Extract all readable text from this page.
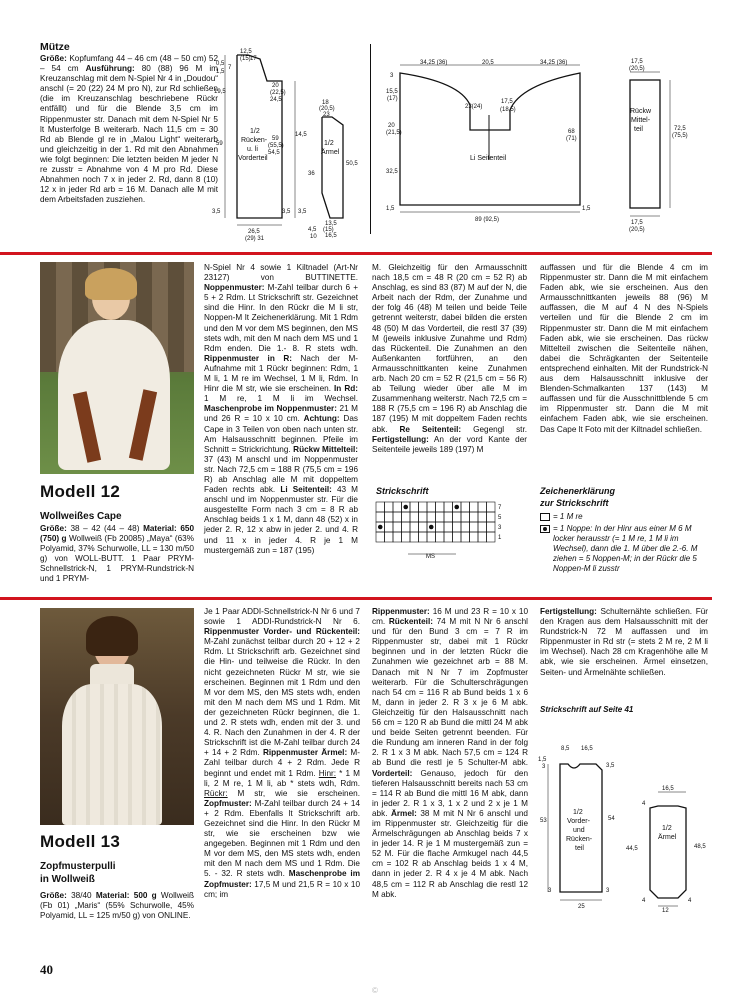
Mütze
Größe: Kopfumfang 44 – 46 cm (48 – 50 cm) 52 – 54 cm Ausführung: 80 (88) 96 M im Kreuzanschlag mit dem N-Spiel Nr 4 in „Doudou“ anschl (= 20 (22) 24 M pro N), zur Rd schließen (die im Kreuzanschlag beschriebene Rückr entfällt) und für die Blende 3,5 cm im Rippenmuster str. Danach mit dem N-Spiel Nr 5 lt Musterfolge B weiterarb. Nach 11,5 cm = 30 Rd ab Blende gl re in „Malou Light“ weiterarb und gleichzeitig in der 1. Rd mit den Abnahmen wie folgt beginnen: Die letzten beiden M jeder N re zusstr = Abnahme von 4 M pro Rd. Diese Abnahmen noch 7 x in jeder 2. Rd, dann 8 (10) 12 x in jeder Rd arb = 16 M. Danach alle M mit dem Arbeitsfaden zusziehen.
12,5
(15) 17
0,5
1,5
7
19,5
59
3,5
26,5
(29) 31
3,5
20
(22,5)
24,5
59
(55,5)
54,5
1/2
Rücken-
u. li
Vorderteil
18
(20,5)
23
14,5
36
50,5
3,5
13,5
(15)
16,5
4,5
10
1/2
Ärmel
34,25 (36)	20,5	34,25 (36)
3
15,5
(17)
20
(21,5)
23(24)
17,5
(18,5)
68
(71)
32,5
1,5
89 (92,5)
1,5
Li Seitenteil
17,5
(20,5)
Rückw
Mittel-
teil	72,5
(75,5)
17,5
(20,5)
Modell 12
Wollweißes Cape
Größe: 38 – 42 (44 – 48) Material: 650 (750) g Wollweiß (Fb 20085) „Maya“ (63% Polyamid, 37% Schurwolle, LL = 130 m/50 g) von WOLL-BUTT. 1 Paar PRYM-Schnellstrick-N, 1 PRYM-Rundstrick-N und 1 PRYM-
N-Spiel Nr 4 sowie 1 Kiltnadel (Art-Nr 23127) von BUTTINETTE. Noppenmuster: M-Zahl teilbar durch 6 + 5 + 2 Rdm. Lt Strickschrift str. Gezeichnet sind die Hinr. In den Rückr die M li str, Noppen-M lt Zeichenerklärung. Mit 1 Rdm und den M vor dem MS beginnen, den MS stets wdh, mit den M nach dem MS und 1 Rdm enden. Die 1.- 8. R stets wdh. Rippenmuster in R: Nach der M-Aufnahme mit 1 Rückr beginnen: Rdm, 1 M li, 1 M re im Wechsel, 1 M li, Rdm. In Hinr die M str, wie sie erscheinen. In Rd: 1 M re, 1 M li im Wechsel. Maschenprobe im Noppenmuster: 21 M und 26 R = 10 x 10 cm. Achtung: Das Cape in 3 Teilen von oben nach unten str. Am Halsausschnitt beginnen. Pfeile im Schnitt = Strickrichtung. Rückw Mittelteil: 37 (43) M anschl und im Noppenmuster str. Nach 72,5 cm = 188 R (75,5 cm = 196 R) ab Anschlag alle M mit doppeltem Faden rechts abk. Li Seitenteil: 43 M anschl und im Noppenmuster str. Für die ausgestellte Form nach 3 cm = 8 R ab Anschlag beids 1 x 1 M, dann 48 (52) x in jeder 2. R, 12 x abw in jeder 2. und 4. R und 11 x in jeder 4. R je 1 M mustergemäß zun = 187 (195)
M. Gleichzeitig für den Armausschnitt nach 18,5 cm = 48 R (20 cm = 52 R) ab Anschlag, es sind 83 (87) M auf der N, die Arbeit nach der Rdm, der Zunahme und der folg 46 (48) M teilen und beide Teile getrennt weiterstr, dabei bilden die ersten 48 (50) M das Vorderteil, die restl 37 (39) M (jeweils inklusive Zunahme und Rdm) das Rückenteil. Die Zunahmen an den Außenkanten fortführen, an den Armausschnittkanten keine Zunahmen arb. Nach 20 cm = 52 R (21,5 cm = 56 R) ab Teilung wieder über alle M im Zusammenhang weiterstr. Nach 72,5 cm = 188 R (75,5 cm = 196 R) ab Anschlag die 187 (195) M mit doppeltem Faden rechts abk. Re Seitenteil: Gegengl str. Fertigstellung: An der vord Kante der Seitenteile jeweils 189 (197) M
auffassen und für die Blende 4 cm im Rippenmuster str. Dann die M mit einfachem Faden abk, wie sie erscheinen. Aus den Armausschnittkanten jeweils 88 (96) M auffassen, die M auf 4 N des N-Spiels verteilen und für die Blende 2 cm im Rippenmuster str. Dann die M mit einfachem Faden abk, wie sie erscheinen. Das rückw Mittelteil zwischen die Seitenteile nähen, dabei die Schrägkanten der Seitenteile entsprechend einhalten. Mit der Rundstrick-N aus dem Halsausschnitt inklusive der Blenden-Schmalkanten 137 (143) M auffassen und für die Ausschnittblende 5 cm im Rippenmuster str. Dann die M mit einfachem Faden abk, wie sie erscheinen. Das Cape lt Foto mit der Kiltnadel schließen.
Strickschrift
MS
7
5
3
1
Zeichenerklärung
zur Strickschrift
= 1 M re
= 1 Noppe: In der Hinr aus einer M 6 M locker herausstr (= 1 M re, 1 M li im Wechsel), dann die 1. M über die 2.-6. M ziehen = 5 Noppen-M; in der Rückr die 5 Noppen-M li zusstr
Modell 13
Zopfmusterpulli
in Wollweiß
Größe: 38/40 Material: 500 g Wollweiß (Fb 01) „Maris“ (55% Schurwolle, 45% Polyamid, LL = 125 m/50 g) von ONLINE.
Je 1 Paar ADDI-Schnellstrick-N Nr 6 und 7 sowie 1 ADDI-Rundstrick-N Nr 6. Rippenmuster Vorder- und Rückenteil: M-Zahl zunächst teilbar durch 20 + 12 + 2 Rdm. Lt Strickschrift arb. Gezeichnet sind die Hin- und teilweise die Rückr. In den nicht gezeichneten Rückr M str, wie sie erscheinen. Beginnen mit 1 Rdm und den M vor dem MS, den MS stets wdh, enden mit den M nach dem MS und 1 Rdm. Mit der gezeichneten Rückr beginnen, die 1. und 2. R stets wdh, enden mit der 3. und 4. R. Nach den Zunahmen in der 4. R der Strickschrift ist die M-Zahl teilbar durch 24 + 14 + 2 Rdm. Rippenmuster Ärmel: M-Zahl teilbar durch 4 + 2 Rdm. Jede R beginnt und endet mit 1 Rdm. Hinr: * 1 M li, 2 M re, 1 M li, ab * stets wdh, Rdm. Rückr: M str, wie sie erscheinen. Zopfmuster: M-Zahl teilbar durch 24 + 14 + 2 Rdm. Ebenfalls lt Strickschrift arb. Gezeichnet sind die Hinr. In den Rückr M str, wie sie erscheinen bzw wie angegeben. Beginnen mit 1 Rdm und den M vor dem MS, den MS stets wdh, enden mit den M nach dem MS und 1 Rdm. Die 5. - 32. R stets wdh. Maschenprobe im Zopfmuster: 17,5 M und 21,5 R = 10 x 10 cm; im
Rippenmuster: 16 M und 23 R = 10 x 10 cm. Rückenteil: 74 M mit N Nr 6 anschl und für den Bund 3 cm = 7 R im Rippenmuster str, dabei mit 1 Rückr beginnen und in der letzten Rückr die Zunahmen wie gezeichnet arb = 88 M. Danach mit N Nr 7 im Zopfmuster weiterarb. Für die Schulterschrägungen nach 54 cm = 116 R ab Bund beids 1 x 6 M, dann in jeder 2. R 3 x je 6 M abk. Gleichzeitig für den Halsausschnitt nach 56 cm = 120 R ab Bund die mittl 24 M abk und beide Seiten getrennt beenden. Für die Rundung am inneren Rand in der folg 2. R 1 x 3 M abk. Nach 57,5 cm = 124 R ab Bund die restl je 5 Schulter-M abk. Vorderteil: Genauso, jedoch für den tieferen Halsausschnitt bereits nach 53 cm = 114 R ab Bund die mittl 16 M abk, dann in jeder 2. R 1 x 3, 1 x 2 und 2 x je 1 M abk. Ärmel: 38 M mit N Nr 6 anschl und im Rippenmuster str. Gleichzeitig für die Ärmelschrägungen ab Anschlag beids 7 x in jeder 14. R je 1 M mustergemäß zun = 52 M. Für die flache Armkugel nach 44,5 cm = 102 R ab Anschlag beids 1 x 4 M, dann in jeder 2. R 4 x je 4 M abk. Nach 48,5 cm = 112 R ab Anschlag die restl 12 M abk.
Fertigstellung: Schulternähte schließen. Für den Kragen aus dem Halsausschnitt mit der Rundstrick-N 72 M auffassen und im Rippenmuster in Rd str (= stets 2 M re, 2 M li im Wechsel). Nach 28 cm Kragenhöhe alle M abk, wie sie erscheinen. Ärmel einsetzen, Seiten- und Ärmelnähte schließen.
Strickschrift auf Seite 41
8,5 16,5
1,5
3	3,5
53	54
1/2
Vorder-
und
Rücken-
teil
3
25
3
16,5
4
1/2
Ärmel
44,5	48,5
4
12
4
40
©
